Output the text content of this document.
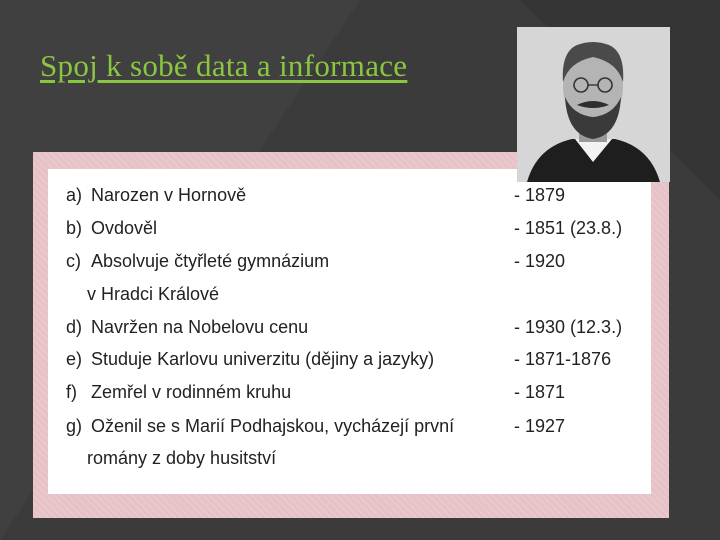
Spoj k sobě data a informace
a) Narozen v Hornově	- 1879
b) Ovdověl	- 1851 (23.8.)
c) Absolvuje čtyřleté gymnázium	- 1920
v Hradci Králové
d) Navržen na Nobelovu cenu	- 1930 (12.3.)
e) Studuje Karlovu univerzitu (dějiny a jazyky)	- 1871-1876
f) Zemřel v rodinném kruhu	- 1871
g) Oženil se s Marií Podhajskou, vycházejí první	- 1927
romány z doby husitství
